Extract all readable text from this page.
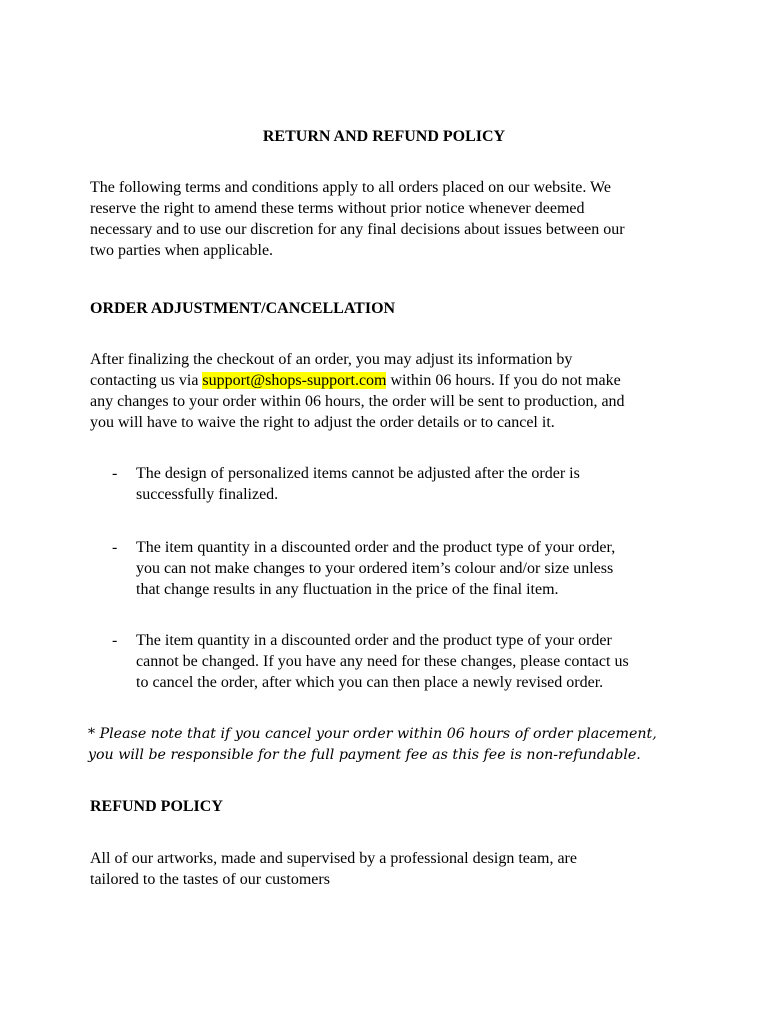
RETURN AND REFUND POLICY
The following terms and conditions apply to all orders placed on our website. We
reserve the right to amend these terms without prior notice whenever deemed
necessary and to use our discretion for any final decisions about issues between our
two parties when applicable.
ORDER ADJUSTMENT/CANCELLATION
After finalizing the checkout of an order, you may adjust its information by
contacting us via support@shops-support.com within 06 hours. If you do not make
any changes to your order within 06 hours, the order will be sent to production, and
you will have to waive the right to adjust the order details or to cancel it.
- The design of personalized items cannot be adjusted after the order is
successfully finalized.
- The item quantity in a discounted order and the product type of your order,
you can not make changes to your ordered item’s colour and/or size unless
that change results in any fluctuation in the price of the final item.
- The item quantity in a discounted order and the product type of your order
cannot be changed. If you have any need for these changes, please contact us
to cancel the order, after which you can then place a newly revised order.
* Please note that if you cancel your order within 06 hours of order placement,
you will be responsible for the full payment fee as this fee is non-refundable.
REFUND POLICY
All of our artworks, made and supervised by a professional design team, are
tailored to the tastes of our customers
